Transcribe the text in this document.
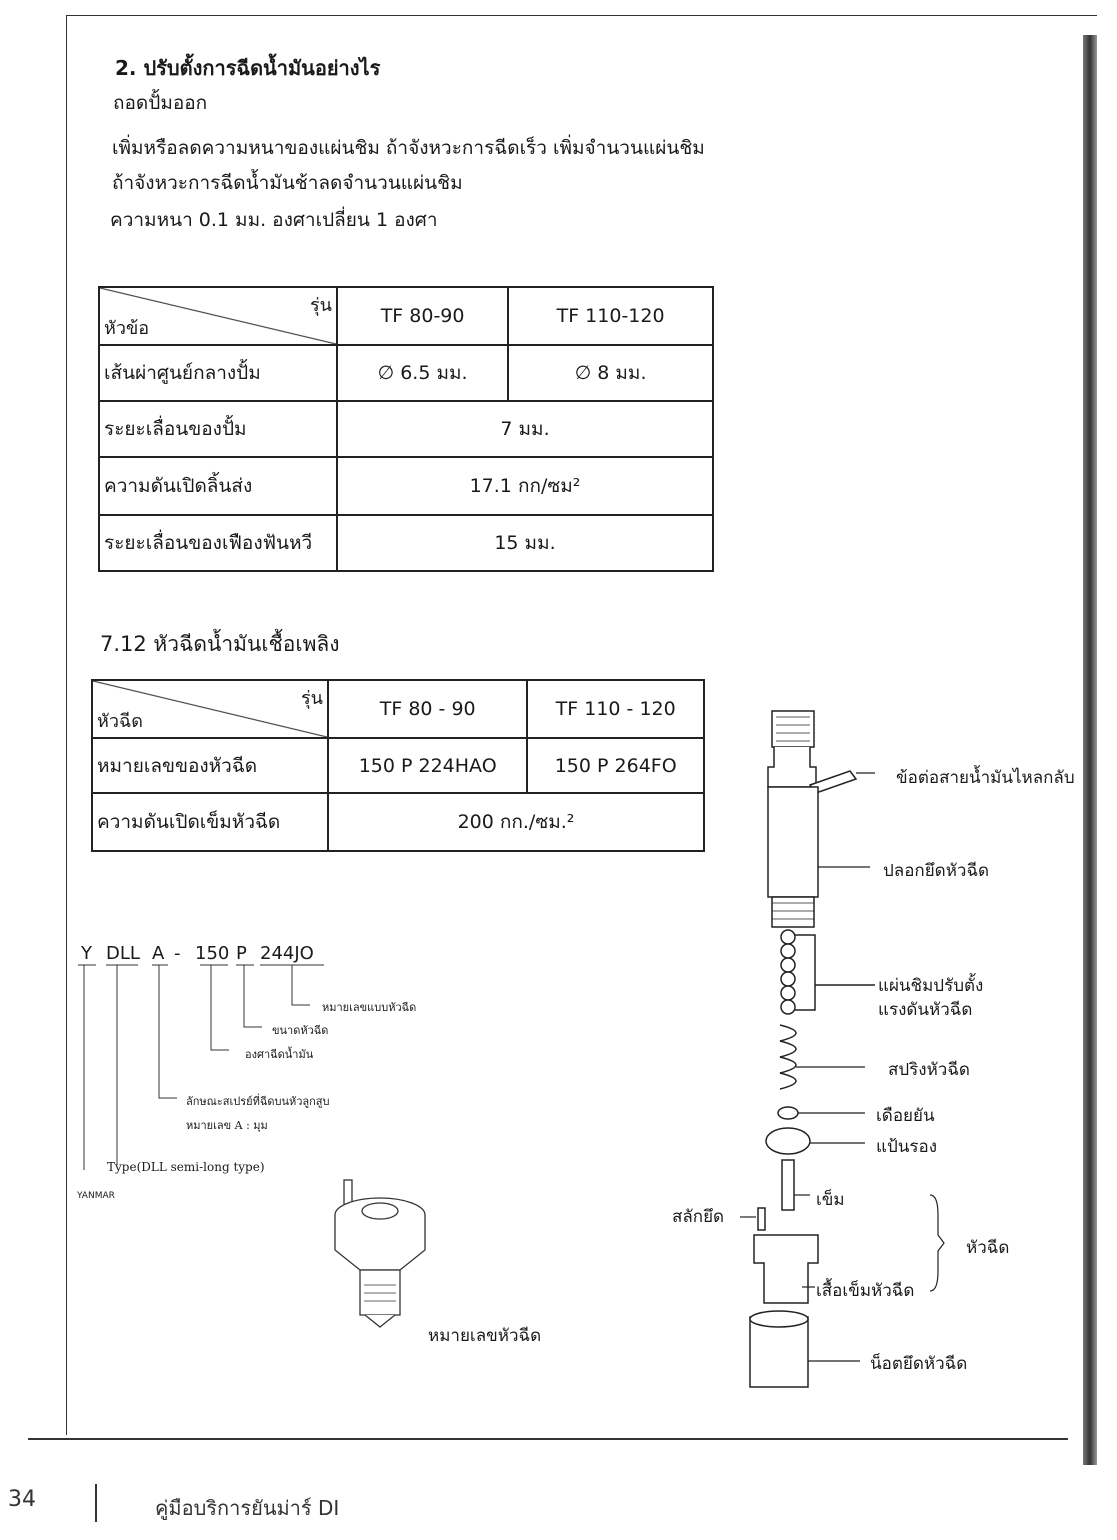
2. ปรับตั้งการฉีดน้ำมันอย่างไร
ถอดปั้มออก
เพิ่มหรือลดความหนาของแผ่นชิม ถ้าจังหวะการฉีดเร็ว เพิ่มจำนวนแผ่นชิม
ถ้าจังหวะการฉีดน้ำมันช้าลดจำนวนแผ่นชิม
ความหนา 0.1 มม. องศาเปลี่ยน 1 องศา
รุ่น
หัวข้อ	TF 80-90	TF 110-120
เส้นผ่าศูนย์กลางปั้ม	∅ 6.5 มม.	∅ 8 มม.
ระยะเลื่อนของปั้ม	7 มม.	
ความดันเปิดลิ้นส่ง	17.1 กก/ซม²	
ระยะเลื่อนของเฟืองฟันหวี	15 มม.	
7.12 หัวฉีดน้ำมันเชื้อเพลิง
รุ่น
หัวฉีด	TF 80 - 90	TF 110 - 120
หมายเลขของหัวฉีด	150 P 224HAO	150 P 264FO
ความดันเปิดเข็มหัวฉีด	200 กก./ซม.²	
Y DLL A - 150 P 244JO
หมายเลขแบบหัวฉีด
ขนาดหัวฉีด
องศาฉีดน้ำมัน
ลักษณะสเปรย์ที่ฉีดบนหัวลูกสูบ
หมายเลข A : มุม
Type(DLL semi-long type)
YANMAR
หมายเลขหัวฉีด
ข้อต่อสายน้ำมันไหลกลับ
ปลอกยึดหัวฉีด
แผ่นชิมปรับตั้ง
แรงดันหัวฉีด
สปริงหัวฉีด
เดือยยัน
แป้นรอง
เข็ม
สลักยึด
หัวฉีด
เสื้อเข็มหัวฉีด
น็อตยึดหัวฉีด
34	คู่มือบริการยันม่าร์ DI
